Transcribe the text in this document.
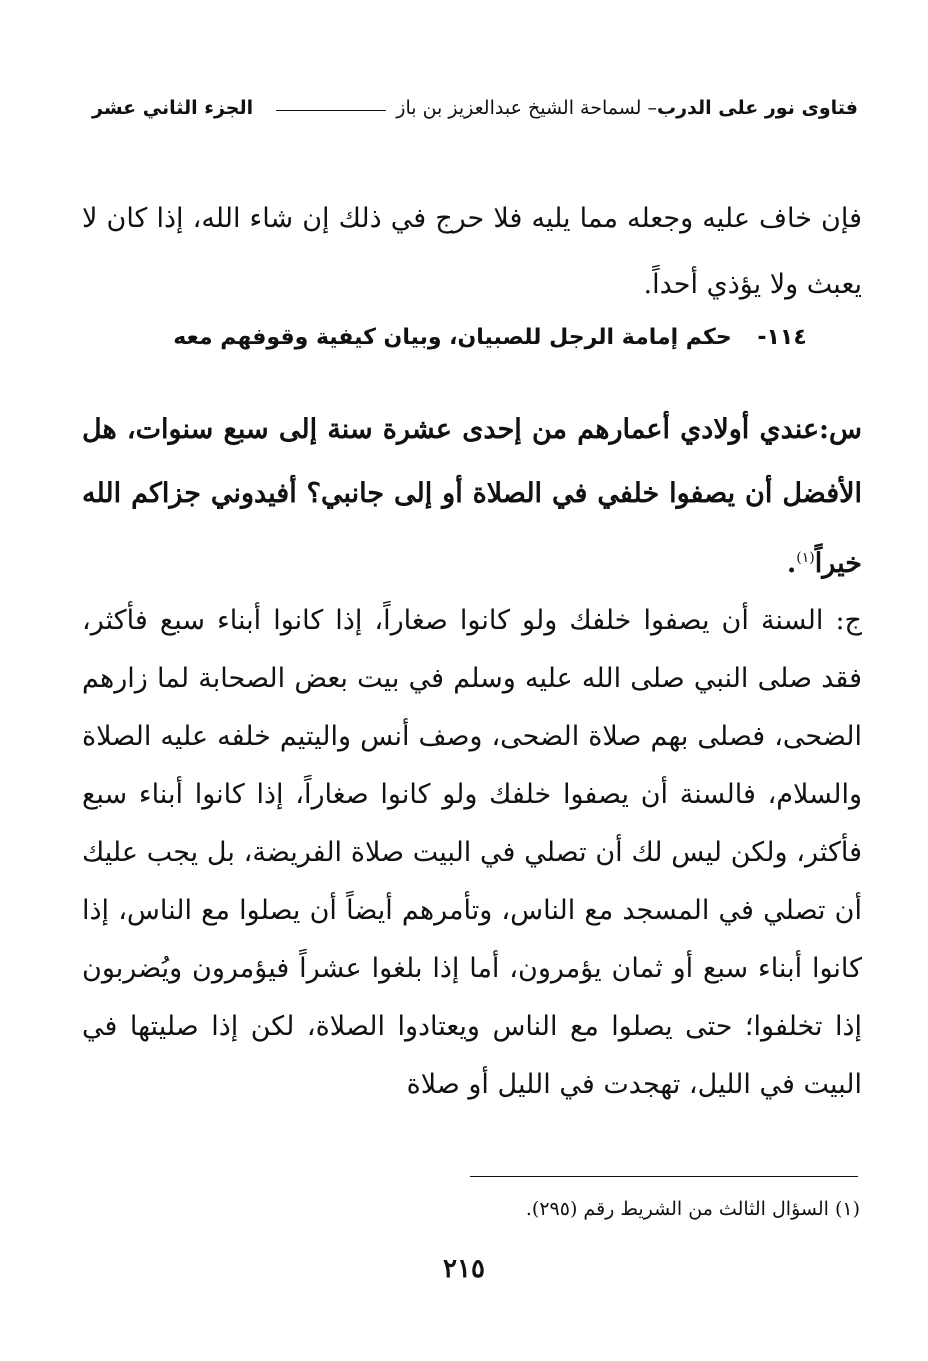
فتاوى نور على الدرب
– لسماحة الشيخ عبدالعزيز بن باز
الجزء الثاني عشر

فإن خاف عليه وجعله مما يليه فلا حرج في ذلك إن شاء الله، إذا كان لا يعبث ولا يؤذي أحداً.

١١٤- حكم إمامة الرجل للصبيان، وبيان كيفية وقوفهم معه

س:عندي أولادي أعمارهم من إحدى عشرة سنة إلى سبع سنوات، هل الأفضل أن يصفوا خلفي في الصلاة أو إلى جانبي؟ أفيدوني جزاكم الله خيراً$^{(١)}$.

ج: السنة أن يصفوا خلفك ولو كانوا صغاراً، إذا كانوا أبناء سبع فأكثر، فقد صلى النبي صلى الله عليه وسلم في بيت بعض الصحابة لما زارهم الضحى، فصلى بهم صلاة الضحى، وصف أنس واليتيم خلفه عليه الصلاة والسلام، فالسنة أن يصفوا خلفك ولو كانوا صغاراً، إذا كانوا أبناء سبع فأكثر، ولكن ليس لك أن تصلي في البيت صلاة الفريضة، بل يجب عليك أن تصلي في المسجد مع الناس، وتأمرهم أيضاً أن يصلوا مع الناس، إذا كانوا أبناء سبع أو ثمان يؤمرون، أما إذا بلغوا عشراً فيؤمرون ويُضربون إذا تخلفوا؛ حتى يصلوا مع الناس ويعتادوا الصلاة، لكن إذا صليتها في البيت في الليل، تهجدت في الليل أو صلاة

(١) السؤال الثالث من الشريط رقم (٢٩٥).

٢١٥
